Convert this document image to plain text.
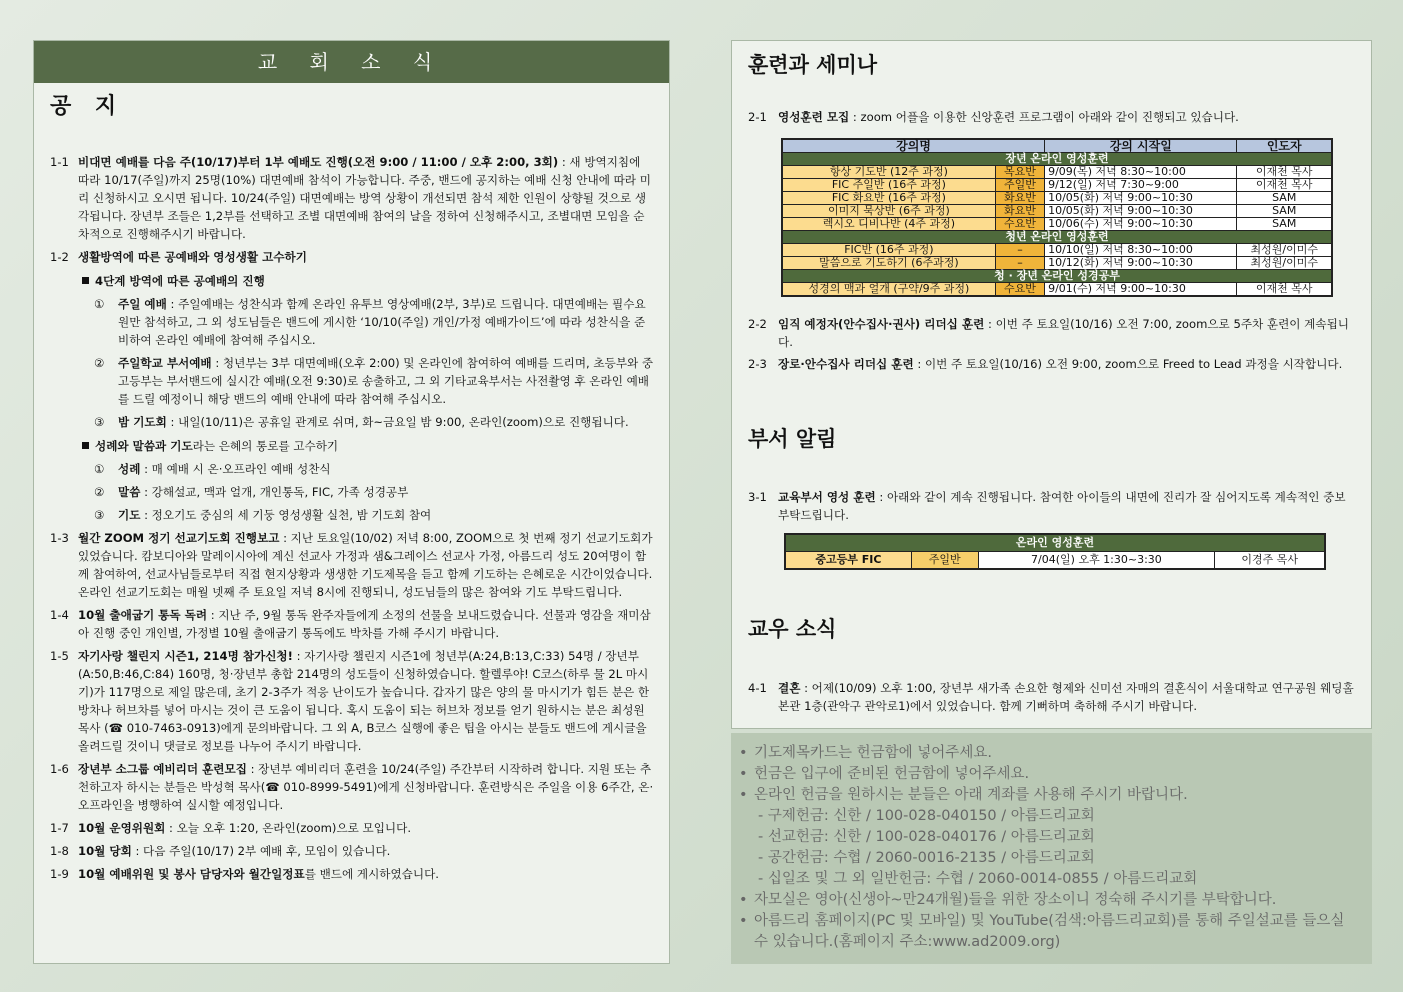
교 회 소 식
공 지
1-1 비대면 예배를 다음 주(10/17)부터 1부 예배도 진행(오전 9:00 / 11:00 / 오후 2:00, 3회) : 새 방역지침에 따라 10/17(주일)까지 25명(10%) 대면예배 참석이 가능합니다. 주중, 밴드에 공지하는 예배 신청 안내에 따라 미리 신청하시고 오시면 됩니다. 10/24(주일) 대면예배는 방역 상황이 개선되면 참석 제한 인원이 상향될 것으로 생각됩니다. 장년부 조들은 1,2부를 선택하고 조별 대면예배 참여의 날을 정하여 신청해주시고, 조별대면 모임을 순차적으로 진행해주시기 바랍니다.
1-2 생활방역에 따른 공예배와 영성생활 고수하기
4단계 방역에 따른 공예배의 진행
① 주일 예배 : 주일예배는 성찬식과 함께 온라인 유투브 영상예배(2부, 3부)로 드립니다. 대면예배는 필수요원만 참석하고, 그 외 성도님들은 밴드에 게시한 ‘10/10(주일) 개인/가정 예배가이드’에 따라 성찬식을 준비하여 온라인 예배에 참여해 주십시오.
② 주일학교 부서예배 : 청년부는 3부 대면예배(오후 2:00) 및 온라인에 참여하여 예배를 드리며, 초등부와 중고등부는 부서밴드에 실시간 예배(오전 9:30)로 송출하고, 그 외 기타교육부서는 사전촬영 후 온라인 예배를 드릴 예정이니 해당 밴드의 예배 안내에 따라 참여해 주십시오.
③ 밤 기도회 : 내일(10/11)은 공휴일 관계로 쉬며, 화~금요일 밤 9:00, 온라인(zoom)으로 진행됩니다.
성례와 말씀과 기도라는 은혜의 통로를 고수하기
① 성례 : 매 예배 시 온·오프라인 예배 성찬식
② 말씀 : 강해설교, 맥과 얼개, 개인통독, FIC, 가족 성경공부
③ 기도 : 정오기도 중심의 세 기둥 영성생활 실천, 밤 기도회 참여
1-3 월간 ZOOM 정기 선교기도회 진행보고 : 지난 토요일(10/02) 저녁 8:00, ZOOM으로 첫 번째 정기 선교기도회가 있었습니다. 캄보디아와 말레이시아에 계신 선교사 가정과 샘&그레이스 선교사 가정, 아름드리 성도 20여명이 함께 참여하여, 선교사님들로부터 직접 현지상황과 생생한 기도제목을 듣고 함께 기도하는 은혜로운 시간이었습니다. 온라인 선교기도회는 매월 넷째 주 토요일 저녁 8시에 진행되니, 성도님들의 많은 참여와 기도 부탁드립니다.
1-4 10월 출애굽기 통독 독려 : 지난 주, 9월 통독 완주자들에게 소정의 선물을 보내드렸습니다. 선물과 영감을 재미삼아 진행 중인 개인별, 가정별 10월 출애굽기 통독에도 박차를 가해 주시기 바랍니다.
1-5 자기사랑 챌린지 시즌1, 214명 참가신청! : 자기사랑 챌린지 시즌1에 청년부(A:24,B:13,C:33) 54명 / 장년부(A:50,B:46,C:84) 160명, 청·장년부 총합 214명의 성도들이 신청하였습니다. 할렐루야! C코스(하루 물 2L 마시기)가 117명으로 제일 많은데, 초기 2-3주가 적응 난이도가 높습니다. 갑자기 많은 양의 물 마시기가 힘든 분은 한방차나 허브차를 넣어 마시는 것이 큰 도움이 됩니다. 혹시 도움이 되는 허브차 정보를 얻기 원하시는 분은 최성원 목사 (☎ 010-7463-0913)에게 문의바랍니다. 그 외 A, B코스 실행에 좋은 팁을 아시는 분들도 밴드에 게시글을 올려드릴 것이니 댓글로 정보를 나누어 주시기 바랍니다.
1-6 장년부 소그룹 예비리더 훈련모집 : 장년부 예비리더 훈련을 10/24(주일) 주간부터 시작하려 합니다. 지원 또는 추천하고자 하시는 분들은 박성혁 목사(☎ 010-8999-5491)에게 신청바랍니다. 훈련방식은 주일을 이용 6주간, 온·오프라인을 병행하여 실시할 예정입니다.
1-7 10월 운영위원회 : 오늘 오후 1:20, 온라인(zoom)으로 모입니다.
1-8 10월 당회 : 다음 주일(10/17) 2부 예배 후, 모임이 있습니다.
1-9 10월 예배위원 및 봉사 담당자와 월간일정표를 밴드에 게시하였습니다.
훈련과 세미나
2-1 영성훈련 모집 : zoom 어플을 이용한 신앙훈련 프로그램이 아래와 같이 진행되고 있습니다.
강의명		강의 시작일	인도자
장년 온라인 영성훈련			
항상 기도반 (12주 과정)	목요반	9/09(목) 저녁 8:30~10:00	이재천 목사
FIC 주일반 (16주 과정)	주일반	9/12(일) 저녁 7:30~9:00	이재천 목사
FIC 화요반 (16주 과정)	화요반	10/05(화) 저녁 9:00~10:30	SAM
이미지 묵상반 (6주 과정)	화요반	10/05(화) 저녁 9:00~10:30	SAM
렉시오 디비나반 (4주 과정)	수요반	10/06(수) 저녁 9:00~10:30	SAM
청년 온라인 영성훈련			
FIC반 (16주 과정)	–	10/10(일) 저녁 8:30~10:00	최성원/이미수
말씀으로 기도하기 (6주과정)	–	10/12(화) 저녁 9:00~10:30	최성원/이미수
청 · 장년 온라인 성경공부			
성경의 맥과 얼개 (구약/9주 과정)	수요반	9/01(수) 저녁 9:00~10:30	이재천 목사
2-2 임직 예정자(안수집사·권사) 리더십 훈련 : 이번 주 토요일(10/16) 오전 7:00, zoom으로 5주차 훈련이 계속됩니다.
2-3 장로·안수집사 리더십 훈련 : 이번 주 토요일(10/16) 오전 9:00, zoom으로 Freed to Lead 과정을 시작합니다.
부서 알림
3-1 교육부서 영성 훈련 : 아래와 같이 계속 진행됩니다. 참여한 아이들의 내면에 진리가 잘 심어지도록 계속적인 중보 부탁드립니다.
온라인 영성훈련
중고등부 FIC	주일반	7/04(일) 오후 1:30~3:30	이경주 목사
교우 소식
4-1 결혼 : 어제(10/09) 오후 1:00, 장년부 새가족 손요한 형제와 신미선 자매의 결혼식이 서울대학교 연구공원 웨딩홀 본관 1층(관악구 관악로1)에서 있었습니다. 함께 기뻐하며 축하해 주시기 바랍니다.
• 기도제목카드는 헌금함에 넣어주세요.
• 헌금은 입구에 준비된 헌금함에 넣어주세요.
• 온라인 헌금을 원하시는 분들은 아래 계좌를 사용해 주시기 바랍니다.
- 구제헌금: 신한 / 100-028-040150 / 아름드리교회
- 선교헌금: 신한 / 100-028-040176 / 아름드리교회
- 공간헌금: 수협 / 2060-0016-2135 / 아름드리교회
- 십일조 및 그 외 일반헌금: 수협 / 2060-0014-0855 / 아름드리교회
• 자모실은 영아(신생아~만24개월)들을 위한 장소이니 정숙해 주시기를 부탁합니다.
• 아름드리 홈페이지(PC 및 모바일) 및 YouTube(검색:아름드리교회)를 통해 주일설교를 들으실 수 있습니다.(홈페이지 주소:www.ad2009.org)
